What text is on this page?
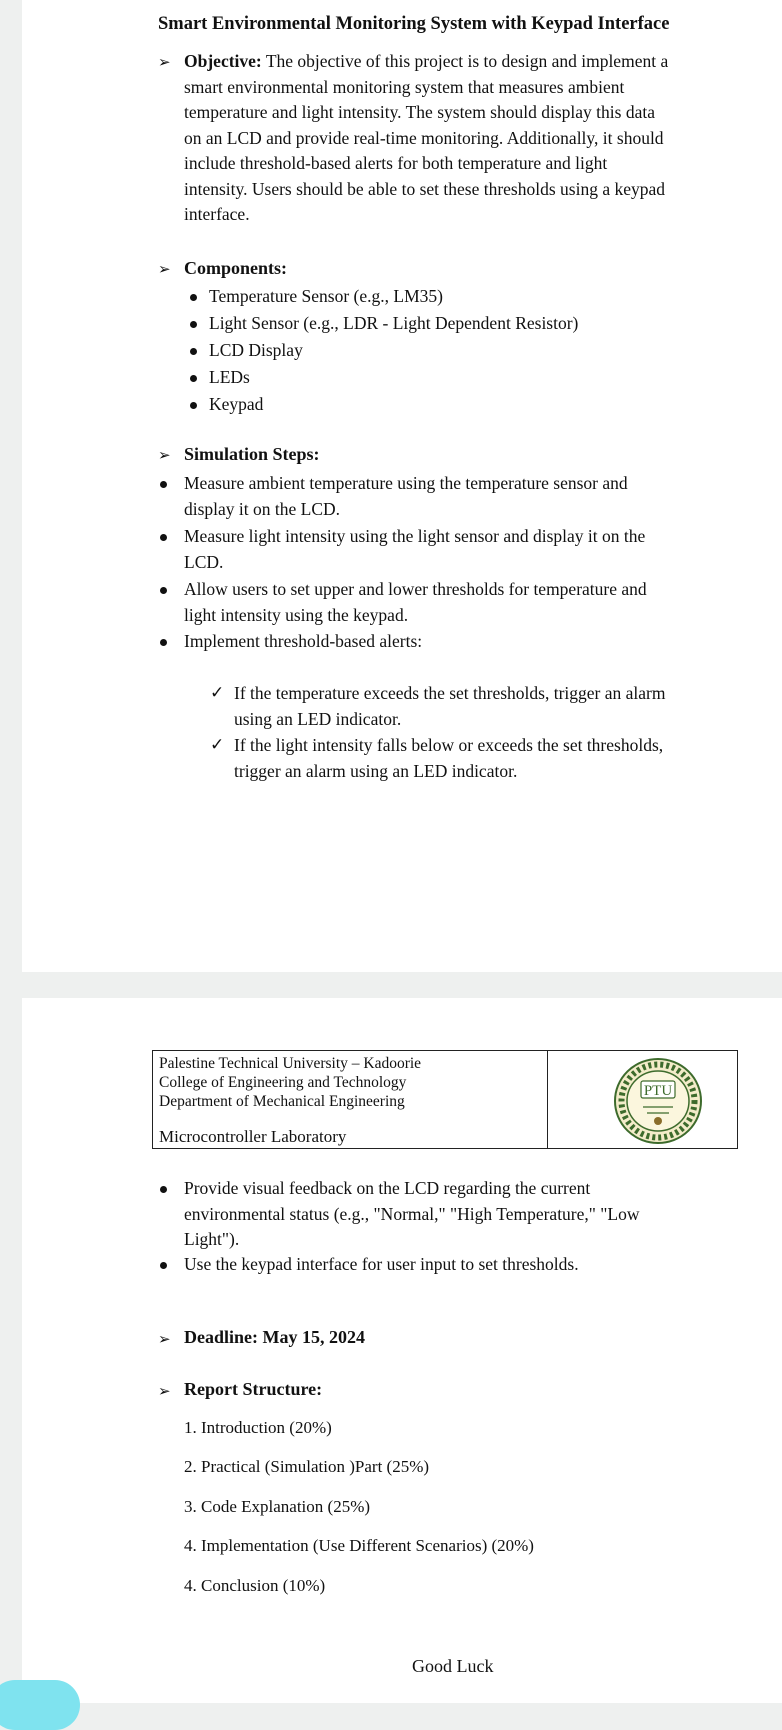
Smart Environmental Monitoring System with Keypad Interface
➢ Objective: The objective of this project is to design and implement a
smart environmental monitoring system that measures ambient
temperature and light intensity. The system should display this data
on an LCD and provide real-time monitoring. Additionally, it should
include threshold-based alerts for both temperature and light
intensity. Users should be able to set these thresholds using a keypad
interface.
➢ Components:
Temperature Sensor (e.g., LM35)
Light Sensor (e.g., LDR - Light Dependent Resistor)
LCD Display
LEDs
Keypad
➢ Simulation Steps:
Measure ambient temperature using the temperature sensor and
display it on the LCD.
Measure light intensity using the light sensor and display it on the
LCD.
Allow users to set upper and lower thresholds for temperature and
light intensity using the keypad.
Implement threshold-based alerts:
✓ If the temperature exceeds the set thresholds, trigger an alarm
using an LED indicator.
✓ If the light intensity falls below or exceeds the set thresholds,
trigger an alarm using an LED indicator.
Palestine Technical University – Kadoorie
College of Engineering and Technology
Department of Mechanical Engineering
Microcontroller Laboratory
PTU
Provide visual feedback on the LCD regarding the current
environmental status (e.g., "Normal," "High Temperature," "Low
Light").
Use the keypad interface for user input to set thresholds.
➢ Deadline: May 15, 2024
➢ Report Structure:
1. Introduction (20%)
2. Practical (Simulation )Part (25%)
3. Code Explanation (25%)
4. Implementation (Use Different Scenarios) (20%)
4. Conclusion (10%)
Good Luck
